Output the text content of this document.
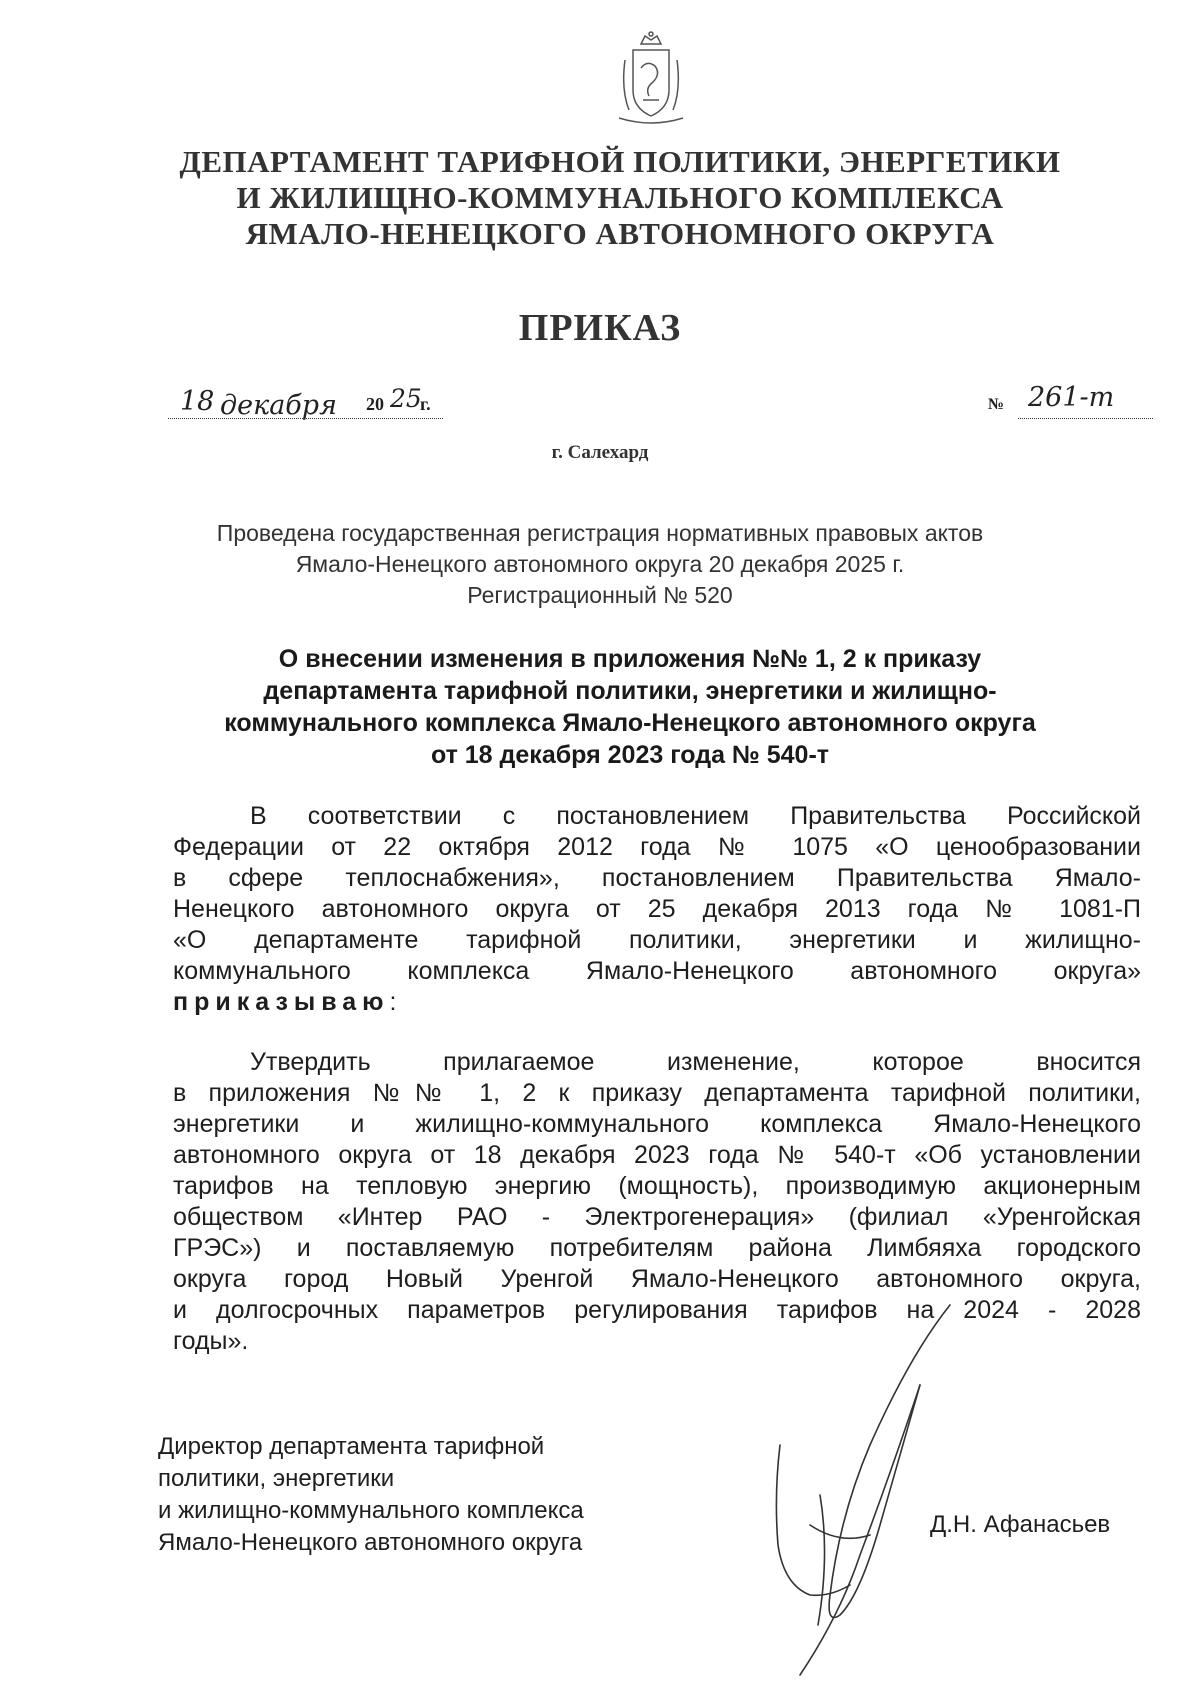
ДЕПАРТАМЕНТ ТАРИФНОЙ ПОЛИТИКИ, ЭНЕРГЕТИКИ
И ЖИЛИЩНО-КОММУНАЛЬНОГО КОМПЛЕКСА
ЯМАЛО-НЕНЕЦКОГО АВТОНОМНОГО ОКРУГА
ПРИКАЗ
18 декабря 20 25
г.	№ 261-т
г. Салехард
Проведена государственная регистрация нормативных правовых актов
Ямало-Ненецкого автономного округа 20 декабря 2025 г.
Регистрационный № 520
О внесении изменения в приложения №№ 1, 2 к приказу
департамента тарифной политики, энергетики и жилищно-
коммунального комплекса Ямало-Ненецкого автономного округа
от 18 декабря 2023 года № 540-т
В соответствии с постановлением Правительства Российской
Федерации от 22 октября 2012 года № 1075 «О ценообразовании
в сфере теплоснабжения», постановлением Правительства Ямало-
Ненецкого автономного округа от 25 декабря 2013 года № 1081-П
«О департаменте тарифной политики, энергетики и жилищно-
коммунального комплекса Ямало-Ненецкого автономного округа»
приказываю:
Утвердить прилагаемое изменение, которое вносится
в приложения №№ 1, 2 к приказу департамента тарифной политики,
энергетики и жилищно-коммунального комплекса Ямало-Ненецкого
автономного округа от 18 декабря 2023 года № 540-т «Об установлении
тарифов на тепловую энергию (мощность), производимую акционерным
обществом «Интер РАО - Электрогенерация» (филиал «Уренгойская
ГРЭС») и поставляемую потребителям района Лимбяяха городского
округа город Новый Уренгой Ямало-Ненецкого автономного округа,
и долгосрочных параметров регулирования тарифов на 2024 - 2028
годы».
Директор департамента тарифной
политики, энергетики
и жилищно-коммунального комплекса
Ямало-Ненецкого автономного округа
Д.Н. Афанасьев
